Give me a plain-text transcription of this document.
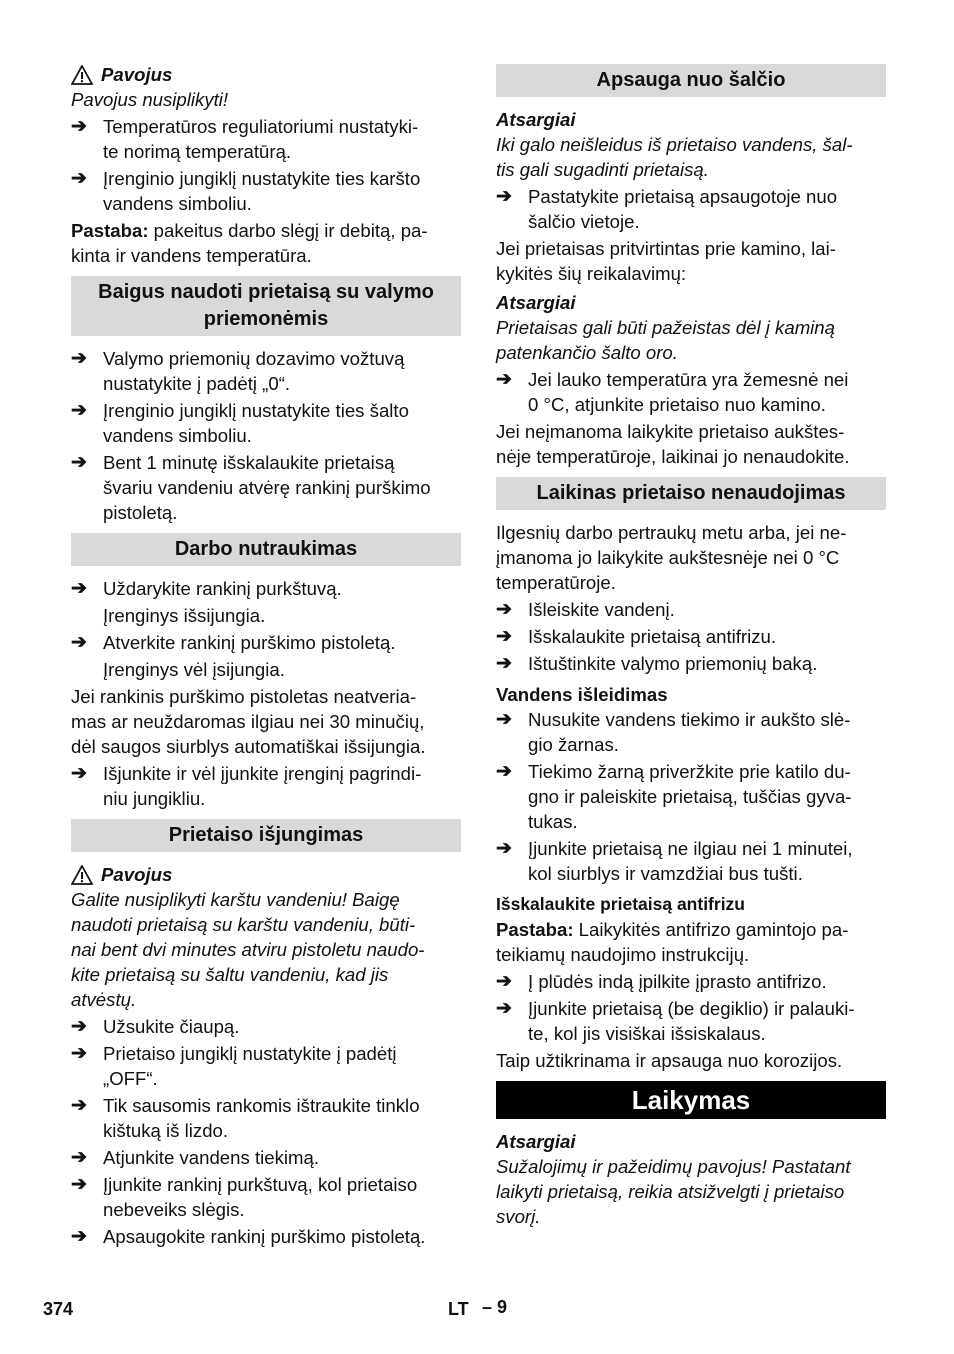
Pavojus

Pavojus nusiplikyti!

➔ Temperatūros reguliatoriumi nustatyki-
te norimą temperatūrą.
➔ Įrenginio jungiklį nustatykite ties karšto
vandens simboliu.

Pastaba: pakeitus darbo slėgį ir debitą, pa-
kinta ir vandens temperatūra.

Baigus naudoti prietaisą su valymo
priemonėmis
➔ Valymo priemonių dozavimo vožtuvą
nustatykite į padėtį „0“.
➔ Įrenginio jungiklį nustatykite ties šalto
vandens simboliu.
➔ Bent 1 minutę išskalaukite prietaisą
švariu vandeniu atvėrę rankinį purškimo
pistoletą.
Darbo nutraukimas
➔ Uždarykite rankinį purkštuvą.

Įrenginys išsijungia.

➔ Atverkite rankinį purškimo pistoletą.

Įrenginys vėl įsijungia.

Jei rankinis purškimo pistoletas neatveria-
mas ar neuždaromas ilgiau nei 30 minučių,
dėl saugos siurblys automatiškai išsijungia.

➔ Išjunkite ir vėl įjunkite įrenginį pagrindi-
niu jungikliu.
Prietaiso išjungimas
Pavojus

Galite nusiplikyti karštu vandeniu! Baigę
naudoti prietaisą su karštu vandeniu, būti-
nai bent dvi minutes atviru pistoletu naudo-
kite prietaisą su šaltu vandeniu, kad jis
atvėstų.

➔ Užsukite čiaupą.
➔ Prietaiso jungiklį nustatykite į padėtį
„OFF“.
➔ Tik sausomis rankomis ištraukite tinklo
kištuką iš lizdo.
➔ Atjunkite vandens tiekimą.
➔ Įjunkite rankinį purkštuvą, kol prietaiso
nebeveiks slėgis.
➔ Apsaugokite rankinį purškimo pistoletą.
Apsauga nuo šalčio
Atsargiai

Iki galo neišleidus iš prietaiso vandens, šal-
tis gali sugadinti prietaisą.

➔ Pastatykite prietaisą apsaugotoje nuo
šalčio vietoje.

Jei prietaisas pritvirtintas prie kamino, lai-
kykitės šių reikalavimų:

Atsargiai

Prietaisas gali būti pažeistas dėl į kaminą
patenkančio šalto oro.

➔ Jei lauko temperatūra yra žemesnė nei
0 °C, atjunkite prietaiso nuo kamino.

Jei neįmanoma laikykite prietaiso aukštes-
nėje temperatūroje, laikinai jo nenaudokite.

Laikinas prietaiso nenaudojimas

Ilgesnių darbo pertraukų metu arba, jei ne-
įmanoma jo laikykite aukštesnėje nei 0 °C
temperatūroje.

➔ Išleiskite vandenį.
➔ Išskalaukite prietaisą antifrizu.
➔ Ištuštinkite valymo priemonių baką.
Vandens išleidimas
➔ Nusukite vandens tiekimo ir aukšto slė-
gio žarnas.
➔ Tiekimo žarną priveržkite prie katilo du-
gno ir paleiskite prietaisą, tuščias gyva-
tukas.
➔ Įjunkite prietaisą ne ilgiau nei 1 minutei,
kol siurblys ir vamzdžiai bus tušti.
Išskalaukite prietaisą antifrizu

Pastaba: Laikykitės antifrizo gamintojo pa-
teikiamų naudojimo instrukcijų.

➔ Į plūdės indą įpilkite įprasto antifrizo.
➔ Įjunkite prietaisą (be degiklio) ir palauki-
te, kol jis visiškai išsiskalaus.

Taip užtikrinama ir apsauga nuo korozijos.

Laikymas
Atsargiai

Sužalojimų ir pažeidimų pavojus! Pastatant
laikyti prietaisą, reikia atsižvelgti į prietaiso
svorį.

374	LT – 9
